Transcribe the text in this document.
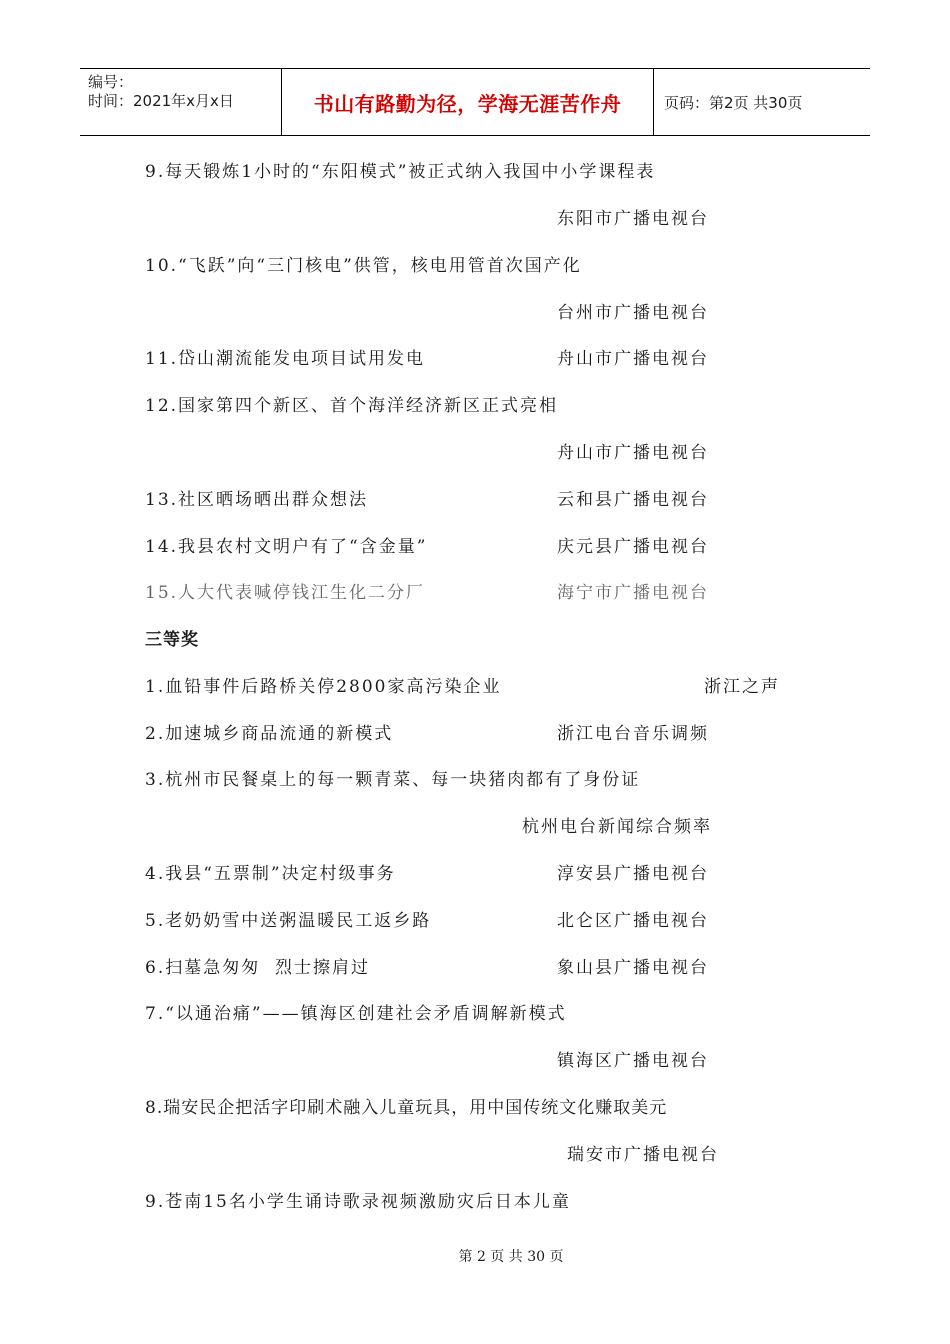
编号：
时间：2021年x月x日	书山有路勤为径，学海无涯苦作舟	页码：第2页 共30页
9.每天锻炼1小时的“东阳模式”被正式纳入我国中小学课程表
东阳市广播电视台
10.“飞跃”向“三门核电”供管，核电用管首次国产化
台州市广播电视台
11.岱山潮流能发电项目试用发电	舟山市广播电视台
12.国家第四个新区、首个海洋经济新区正式亮相
舟山市广播电视台
13.社区晒场晒出群众想法	云和县广播电视台
14.我县农村文明户有了“含金量”	庆元县广播电视台
15.人大代表喊停钱江生化二分厂	海宁市广播电视台
三等奖
1.血铅事件后路桥关停2800家高污染企业	浙江之声
2.加速城乡商品流通的新模式	浙江电台音乐调频
3.杭州市民餐桌上的每一颗青菜、每一块猪肉都有了身份证
杭州电台新闻综合频率
4.我县“五票制”决定村级事务	淳安县广播电视台
5.老奶奶雪中送粥温暖民工返乡路	北仑区广播电视台
6.扫墓急匆匆  烈士擦肩过	象山县广播电视台
7.“以通治痛”——镇海区创建社会矛盾调解新模式
镇海区广播电视台
8.瑞安民企把活字印刷术融入儿童玩具，用中国传统文化赚取美元
瑞安市广播电视台
9.苍南15名小学生诵诗歌录视频激励灾后日本儿童
第 2 页 共 30 页
